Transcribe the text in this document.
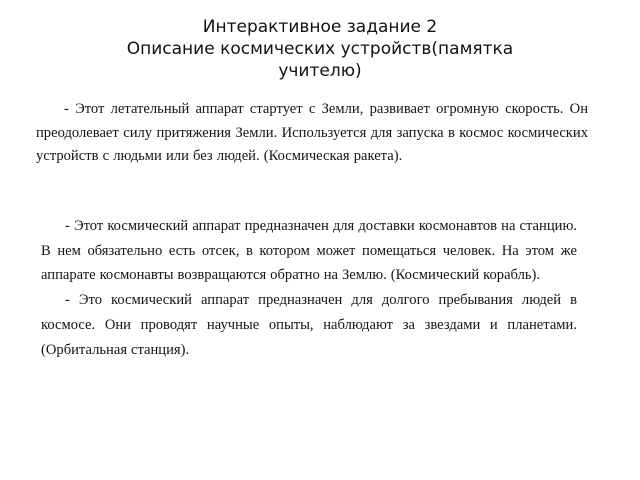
Интерактивное задание 2
Описание космических устройств(памятка
учителю)

- Этот летательный аппарат стартует с Земли, развивает огромную скорость. Он преодолевает силу притяжения Земли. Используется для запуска в космос космических устройств с людьми или без людей. (Космическая ракета).

- Этот космический аппарат предназначен для доставки космонавтов на станцию. В нем обязательно есть отсек, в котором может помещаться человек. На этом же аппарате космонавты возвращаются обратно на Землю. (Космический корабль).

- Это космический аппарат предназначен для долгого пребывания людей в космосе. Они проводят научные опыты, наблюдают за звездами и планетами. (Орбитальная станция).
